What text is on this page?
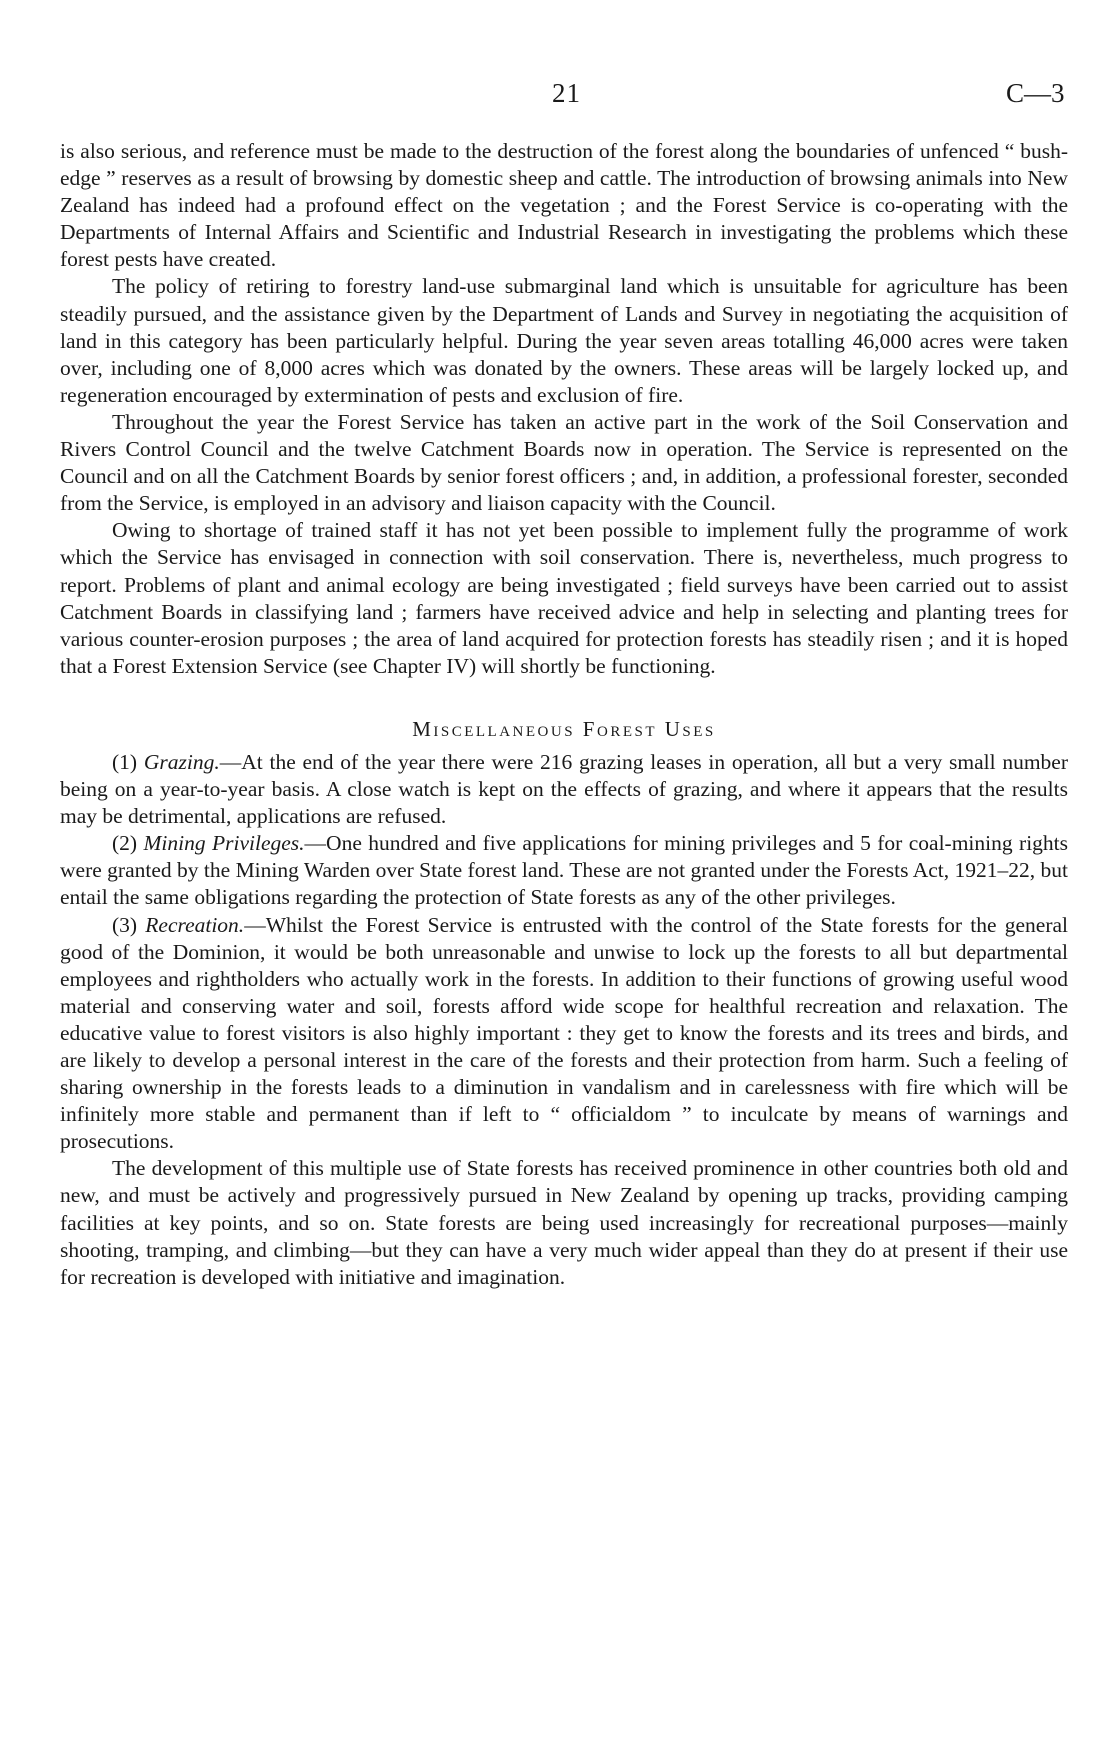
21	C—3

is also serious, and reference must be made to the destruction of the forest along the boundaries of unfenced “ bush-edge ” reserves as a result of browsing by domestic sheep and cattle. The introduction of browsing animals into New Zealand has indeed had a profound effect on the vegetation ; and the Forest Service is co-operating with the Departments of Internal Affairs and Scientific and Industrial Research in investigating the problems which these forest pests have created.

The policy of retiring to forestry land-use submarginal land which is unsuitable for agriculture has been steadily pursued, and the assistance given by the Department of Lands and Survey in negotiating the acquisition of land in this category has been particularly helpful. During the year seven areas totalling 46,000 acres were taken over, including one of 8,000 acres which was donated by the owners. These areas will be largely locked up, and regeneration encouraged by extermination of pests and exclusion of fire.

Throughout the year the Forest Service has taken an active part in the work of the Soil Conservation and Rivers Control Council and the twelve Catchment Boards now in operation. The Service is represented on the Council and on all the Catchment Boards by senior forest officers ; and, in addition, a professional forester, seconded from the Service, is employed in an advisory and liaison capacity with the Council.

Owing to shortage of trained staff it has not yet been possible to implement fully the programme of work which the Service has envisaged in connection with soil conservation. There is, nevertheless, much progress to report. Problems of plant and animal ecology are being investigated ; field surveys have been carried out to assist Catchment Boards in classifying land ; farmers have received advice and help in selecting and planting trees for various counter-erosion purposes ; the area of land acquired for protection forests has steadily risen ; and it is hoped that a Forest Extension Service (see Chapter IV) will shortly be functioning.

Miscellaneous Forest Uses

(1) Grazing.—At the end of the year there were 216 grazing leases in operation, all but a very small number being on a year-to-year basis. A close watch is kept on the effects of grazing, and where it appears that the results may be detrimental, applications are refused.

(2) Mining Privileges.—One hundred and five applications for mining privileges and 5 for coal-mining rights were granted by the Mining Warden over State forest land. These are not granted under the Forests Act, 1921–22, but entail the same obligations regarding the protection of State forests as any of the other privileges.

(3) Recreation.—Whilst the Forest Service is entrusted with the control of the State forests for the general good of the Dominion, it would be both unreasonable and unwise to lock up the forests to all but departmental employees and rightholders who actually work in the forests. In addition to their functions of growing useful wood material and conserving water and soil, forests afford wide scope for healthful recreation and relaxation. The educative value to forest visitors is also highly important : they get to know the forests and its trees and birds, and are likely to develop a personal interest in the care of the forests and their protection from harm. Such a feeling of sharing ownership in the forests leads to a diminution in vandalism and in carelessness with fire which will be infinitely more stable and permanent than if left to “ officialdom ” to inculcate by means of warnings and prosecutions.

The development of this multiple use of State forests has received prominence in other countries both old and new, and must be actively and progressively pursued in New Zealand by opening up tracks, providing camping facilities at key points, and so on. State forests are being used increasingly for recreational purposes—mainly shooting, tramping, and climbing—but they can have a very much wider appeal than they do at present if their use for recreation is developed with initiative and imagination.
